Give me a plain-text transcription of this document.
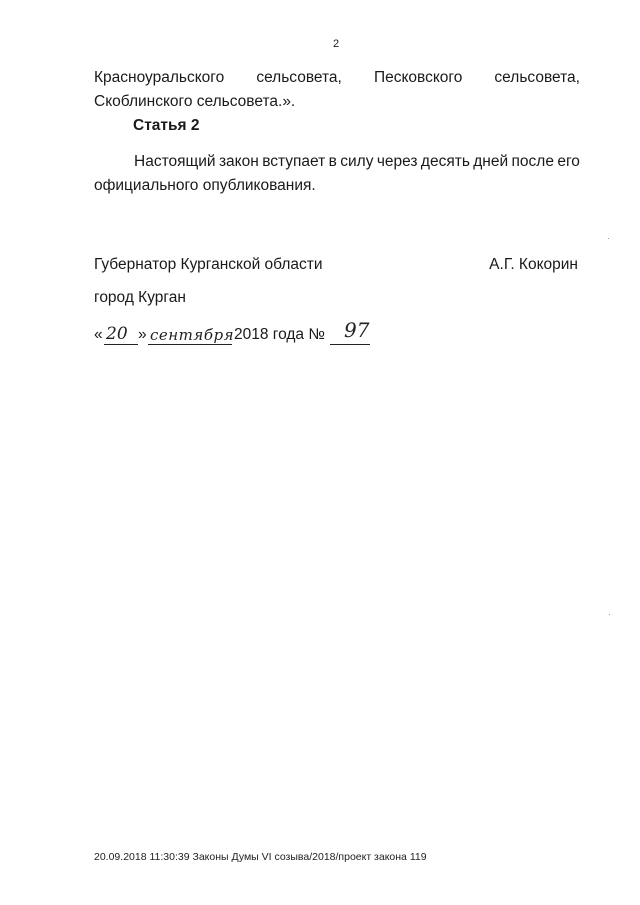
2
Красноуральского сельсовета, Песковского сельсовета,
Скоблинского сельсовета.».
Статья 2
Настоящий закон вступает в силу через десять дней после его
официального опубликования.
Губернатор Курганской области	А.Г. Кокорин
город Курган
« 20 » сентября 2018 года № 97
20.09.2018 11:30:39 Законы Думы VI созыва/2018/проект закона 119
